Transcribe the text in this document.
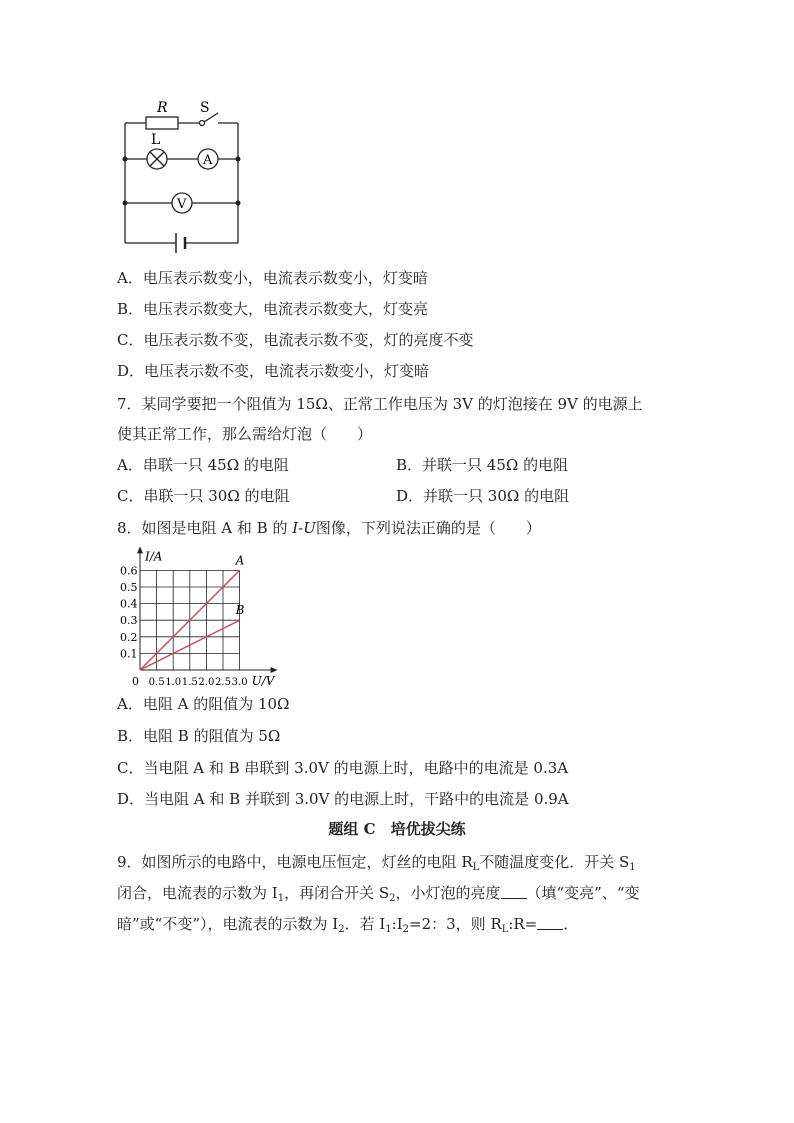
R S
L
A
V
A．电压表示数变小，电流表示数变小，灯变暗
B．电压表示数变大，电流表示数变大，灯变亮
C．电压表示数不变，电流表示数不变，灯的亮度不变
D．电压表示数不变，电流表示数变小，灯变暗
7．某同学要把一个阻值为 15Ω、正常工作电压为 3V 的灯泡接在 9V 的电源上
使其正常工作，那么需给灯泡（　　）
A．串联一只 45Ω 的电阻	B．并联一只 45Ω 的电阻
C．串联一只 30Ω 的电阻	D．并联一只 30Ω 的电阻
8．如图是电阻 A 和 B 的 I-U图像，下列说法正确的是（　　）
0.1
0.2
0.3
0.4
0.5
0.6
0 0.5 1.0 1.5 2.0 2.5 3.0 U/V
I/A	A
B
A．电阻 A 的阻值为 10Ω
B．电阻 B 的阻值为 5Ω
C．当电阻 A 和 B 串联到 3.0V 的电源上时，电路中的电流是 0.3A
D．当电阻 A 和 B 并联到 3.0V 的电源上时，干路中的电流是 0.9A
题组 C　培优拔尖练
9．如图所示的电路中，电源电压恒定，灯丝的电阻 $R_L$不随温度变化．开关 $S_1$
闭合，电流表的示数为 $I_1$，再闭合开关 $S_2$，小灯泡的亮度 （填“变亮”、“变
暗”或“不变”），电流表的示数为 $I_2$．若 $I_1:I_2=2$：3，则 $R_L:R=$ ．
